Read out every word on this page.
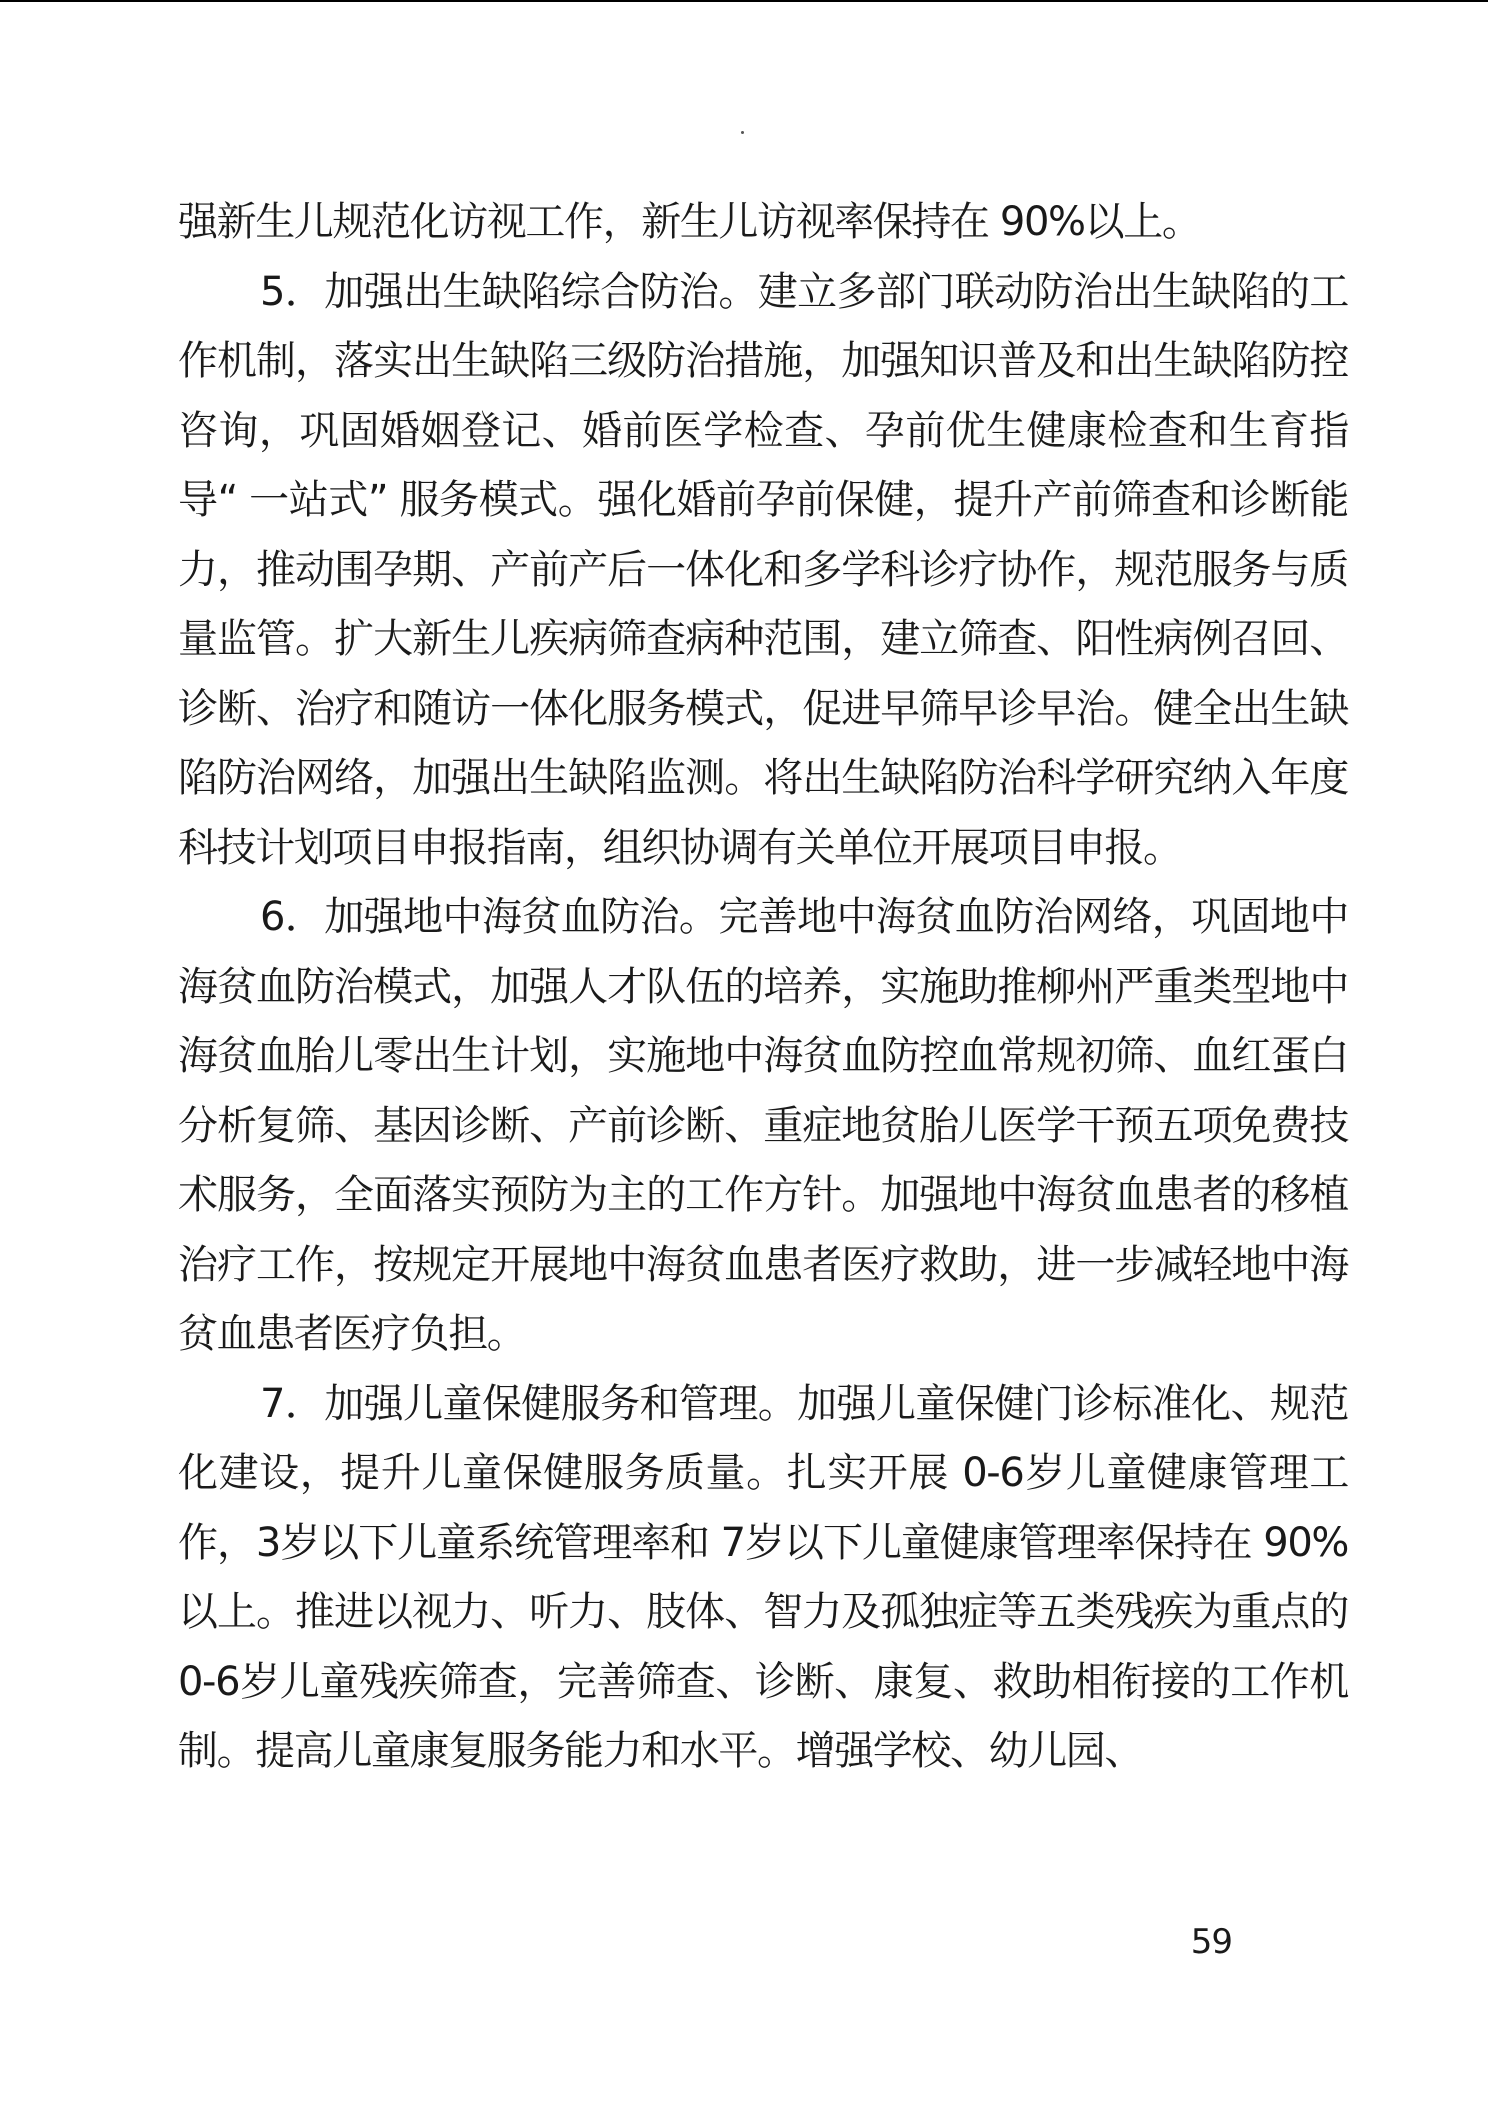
强新生儿规范化访视工作，新生儿访视率保持在 90%以上。

5．加强出生缺陷综合防治。建立多部门联动防治出生缺陷的工作机制，落实出生缺陷三级防治措施，加强知识普及和出生缺陷防控咨询，巩固婚姻登记、婚前医学检查、孕前优生健康检查和生育指导“ 一站式” 服务模式。强化婚前孕前保健，提升产前筛查和诊断能力，推动围孕期、产前产后一体化和多学科诊疗协作，规范服务与质量监管。扩大新生儿疾病筛查病种范围，建立筛查、阳性病例召回、诊断、治疗和随访一体化服务模式，促进早筛早诊早治。健全出生缺陷防治网络，加强出生缺陷监测。将出生缺陷防治科学研究纳入年度科技计划项目申报指南，组织协调有关单位开展项目申报。

6．加强地中海贫血防治。完善地中海贫血防治网络，巩固地中海贫血防治模式，加强人才队伍的培养，实施助推柳州严重类型地中海贫血胎儿零出生计划，实施地中海贫血防控血常规初筛、血红蛋白分析复筛、基因诊断、产前诊断、重症地贫胎儿医学干预五项免费技术服务，全面落实预防为主的工作方针。加强地中海贫血患者的移植治疗工作，按规定开展地中海贫血患者医疗救助，进一步减轻地中海贫血患者医疗负担。

7．加强儿童保健服务和管理。加强儿童保健门诊标准化、规范化建设，提升儿童保健服务质量。扎实开展 0-6岁儿童健康管理工作，3岁以下儿童系统管理率和 7岁以下儿童健康管理率保持在 90%以上。推进以视力、听力、肢体、智力及孤独症等五类残疾为重点的 0-6岁儿童残疾筛查，完善筛查、诊断、康复、救助相衔接的工作机制。提高儿童康复服务能力和水平。增强学校、幼儿园、

59
